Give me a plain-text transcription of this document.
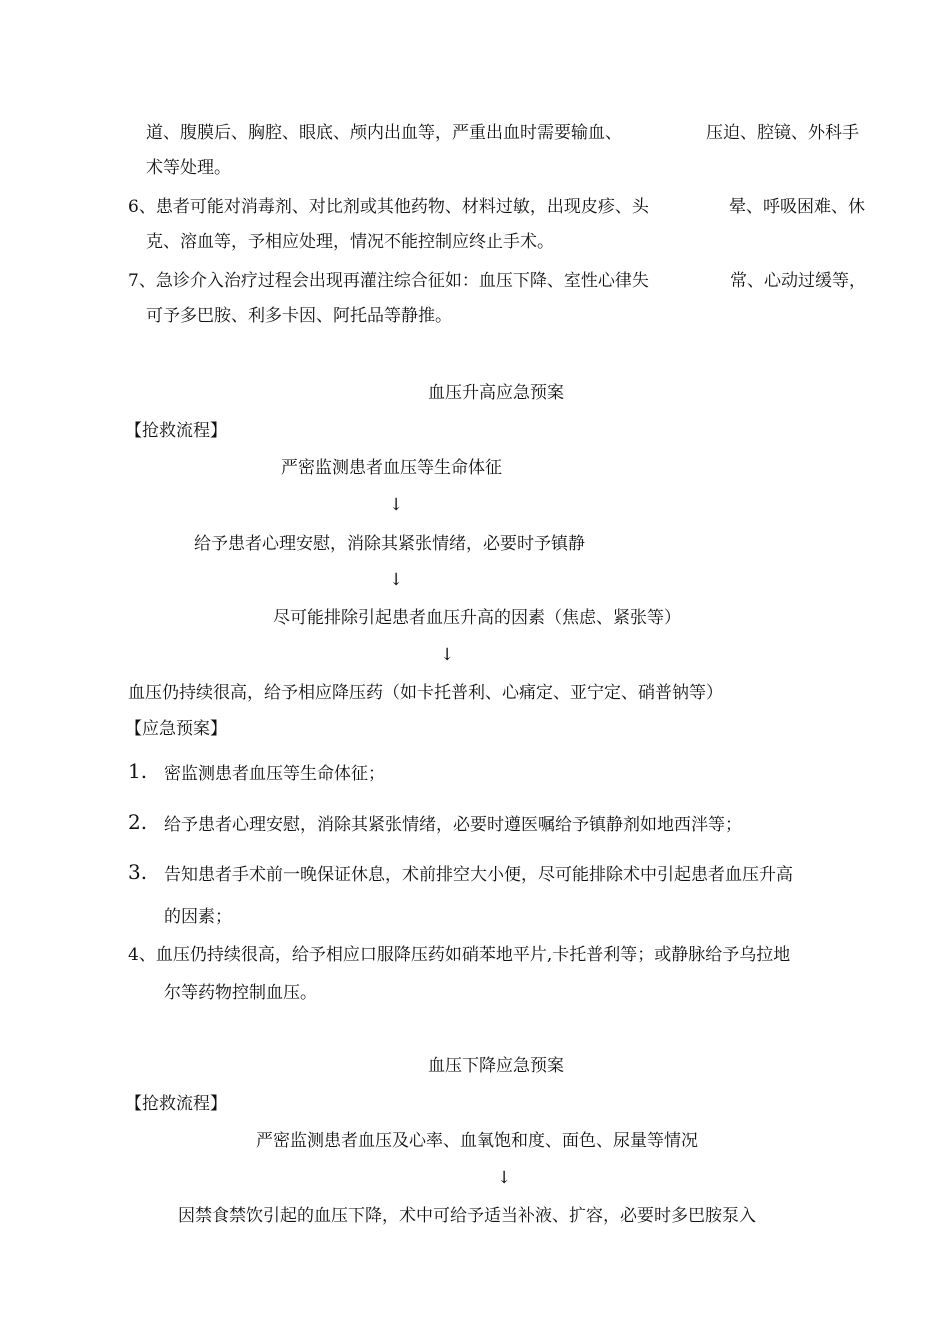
道、腹膜后、胸腔、眼底、颅内出血等，严重出血时需要输血、	压迫、腔镜、外科手
术等处理。
6、患者可能对消毒剂、对比剂或其他药物、材料过敏，出现皮疹、头	晕、呼吸困难、休
克、溶血等，予相应处理，情况不能控制应终止手术。
7、急诊介入治疗过程会出现再灌注综合征如：血压下降、室性心律失	常、心动过缓等，
可予多巴胺、利多卡因、阿托品等静推。
血压升高应急预案
【抢救流程】
严密监测患者血压等生命体征
↓
给予患者心理安慰，消除其紧张情绪，必要时予镇静
↓
尽可能排除引起患者血压升高的因素（焦虑、紧张等）
↓
血压仍持续很高，给予相应降压药（如卡托普利、心痛定、亚宁定、硝普钠等）
【应急预案】
1. 密监测患者血压等生命体征；
2. 给予患者心理安慰，消除其紧张情绪，必要时遵医嘱给予镇静剂如地西泮等；
3. 告知患者手术前一晚保证休息，术前排空大小便，尽可能排除术中引起患者血压升高
的因素；
4、血压仍持续很高，给予相应口服降压药如硝苯地平片,卡托普利等；或静脉给予乌拉地
尔等药物控制血压。
血压下降应急预案
【抢救流程】
严密监测患者血压及心率、血氧饱和度、面色、尿量等情况
↓
因禁食禁饮引起的血压下降，术中可给予适当补液、扩容，必要时多巴胺泵入
